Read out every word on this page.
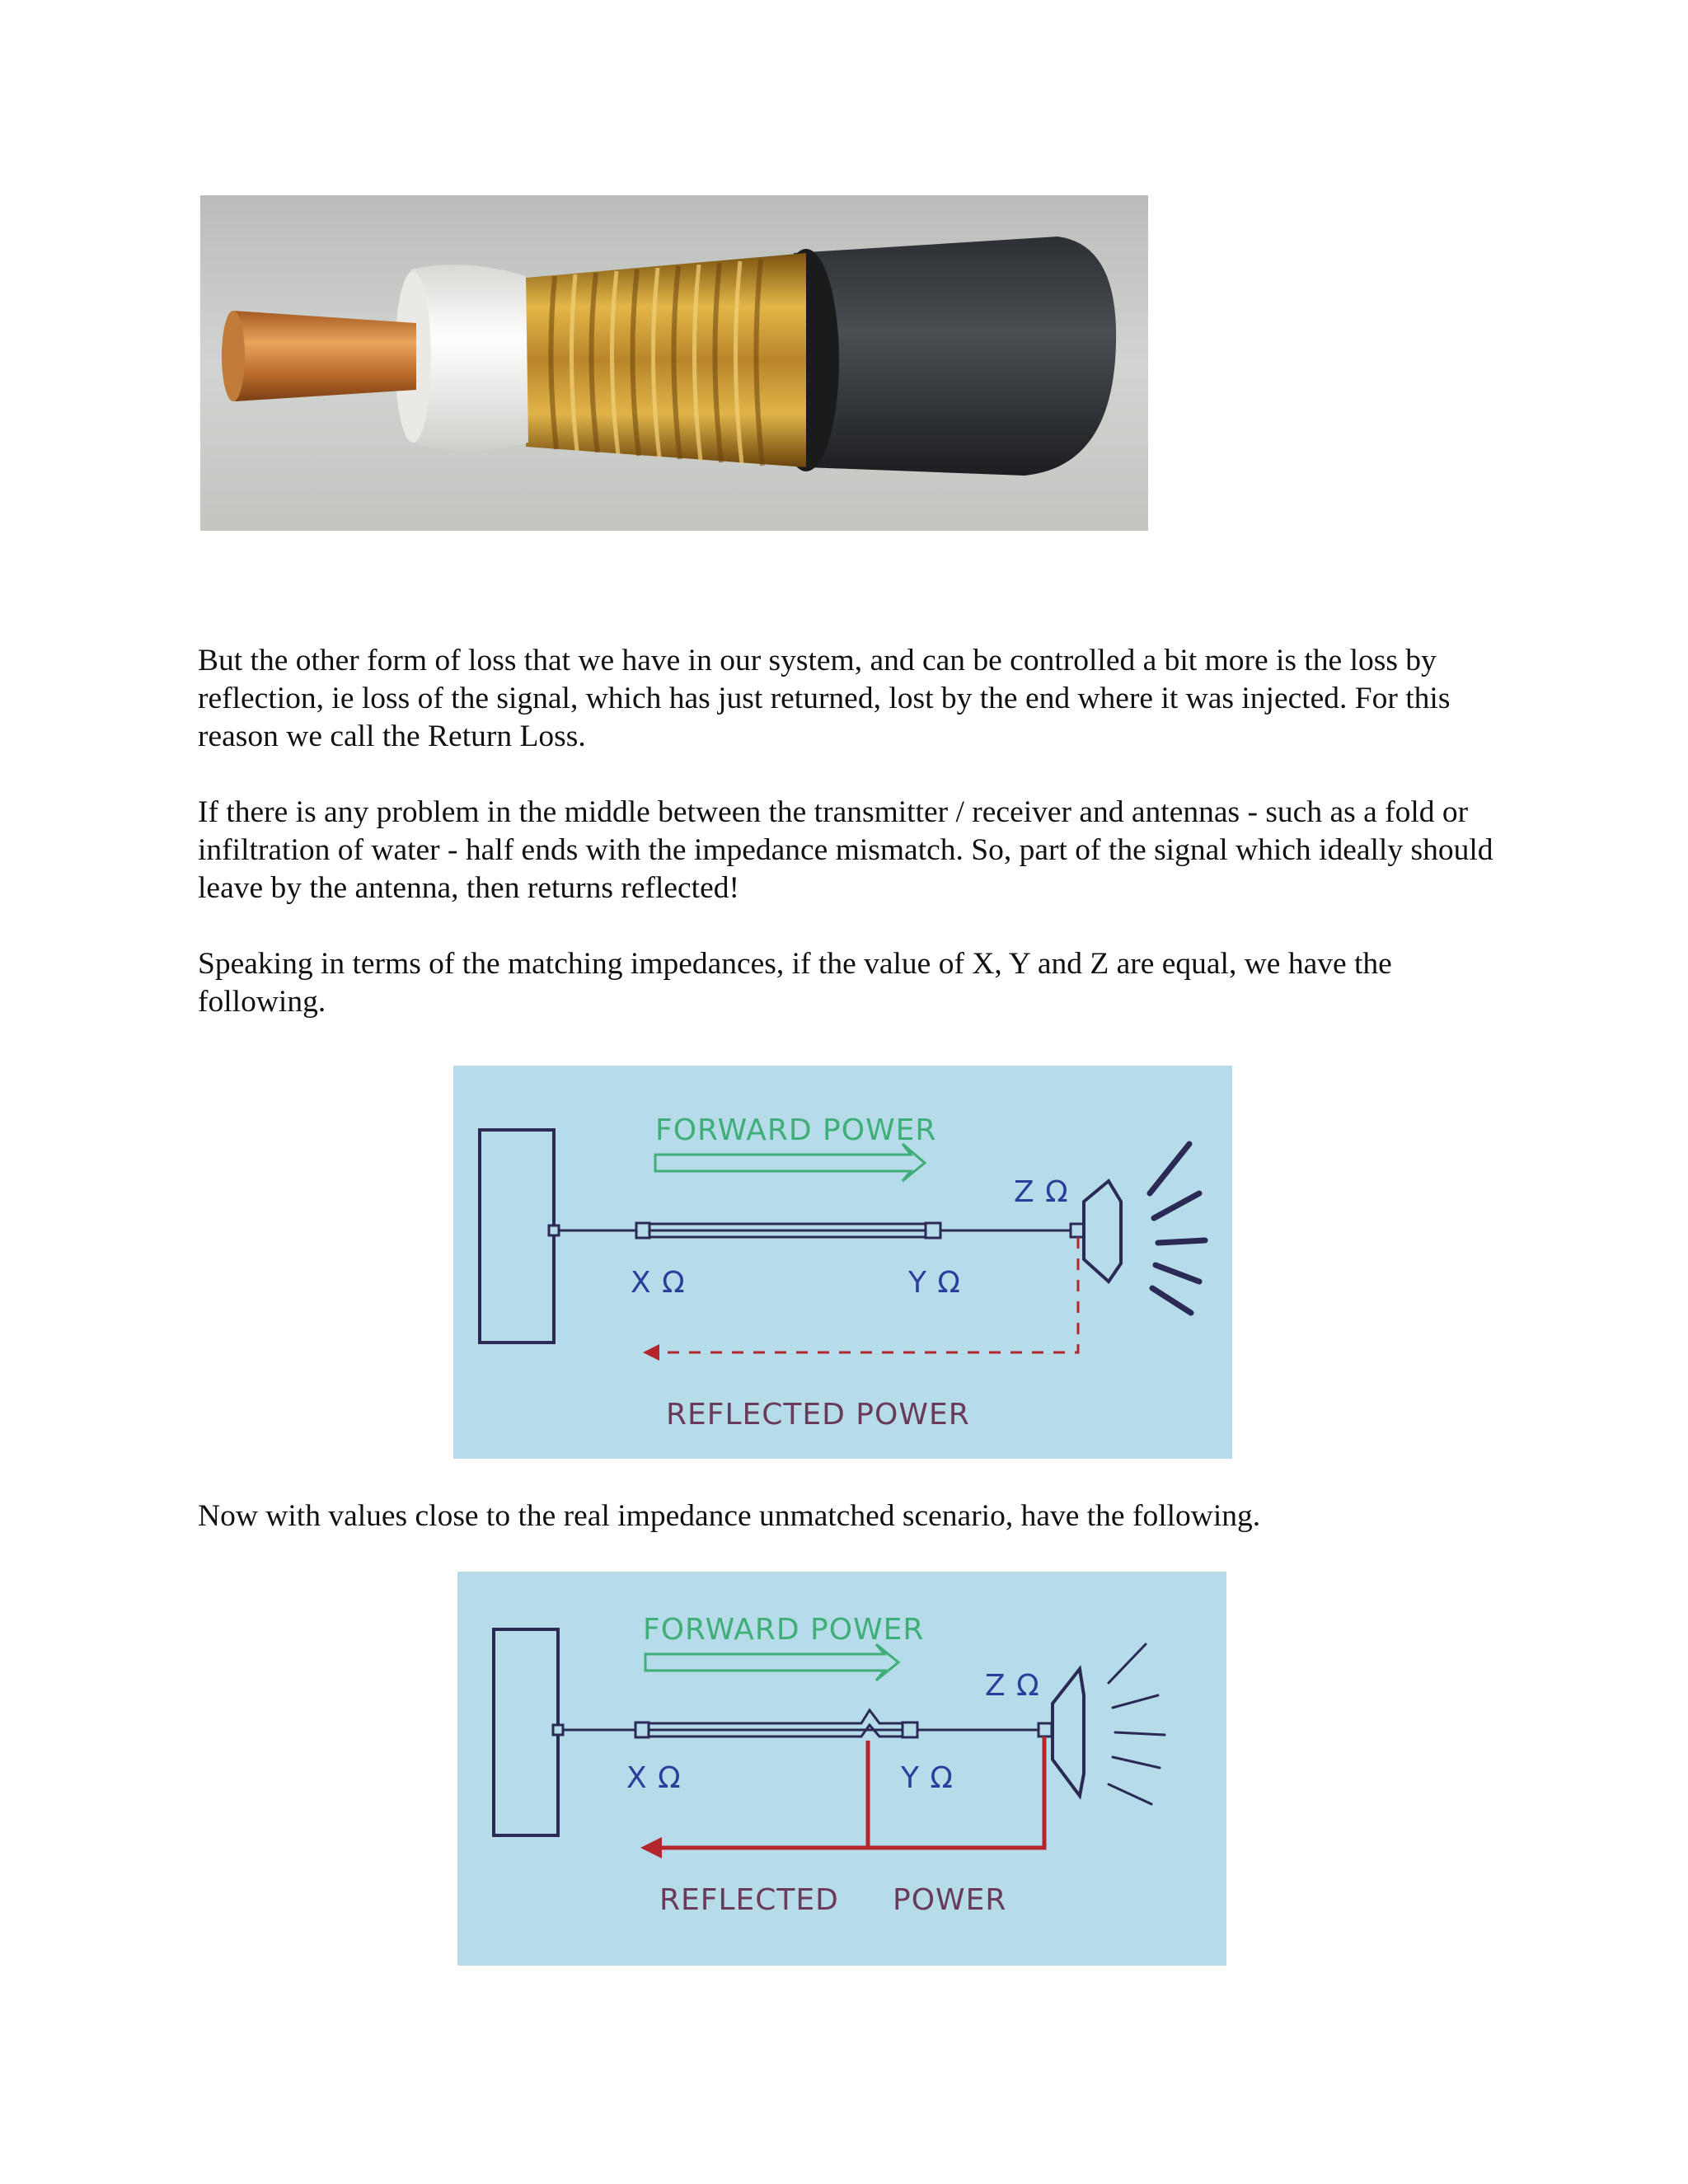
But the other form of loss that we have in our system, and can be controlled a bit more is the loss by reflection, ie loss of the signal, which has just returned, lost by the end where it was injected. For this reason we call the Return Loss.

If there is any problem in the middle between the transmitter / receiver and antennas - such as a fold or infiltration of water - half ends with the impedance mismatch. So, part of the signal which ideally should leave by the antenna, then returns reflected!

Speaking in terms of the matching impedances, if the value of X, Y and Z are equal, we have the following.

FORWARD POWER
X Ω	Y Ω
Z Ω
REFLECTED POWER

Now with values close to the real impedance unmatched scenario, have the following.

FORWARD POWER
X Ω	Y Ω
Z Ω
REFLECTED POWER
